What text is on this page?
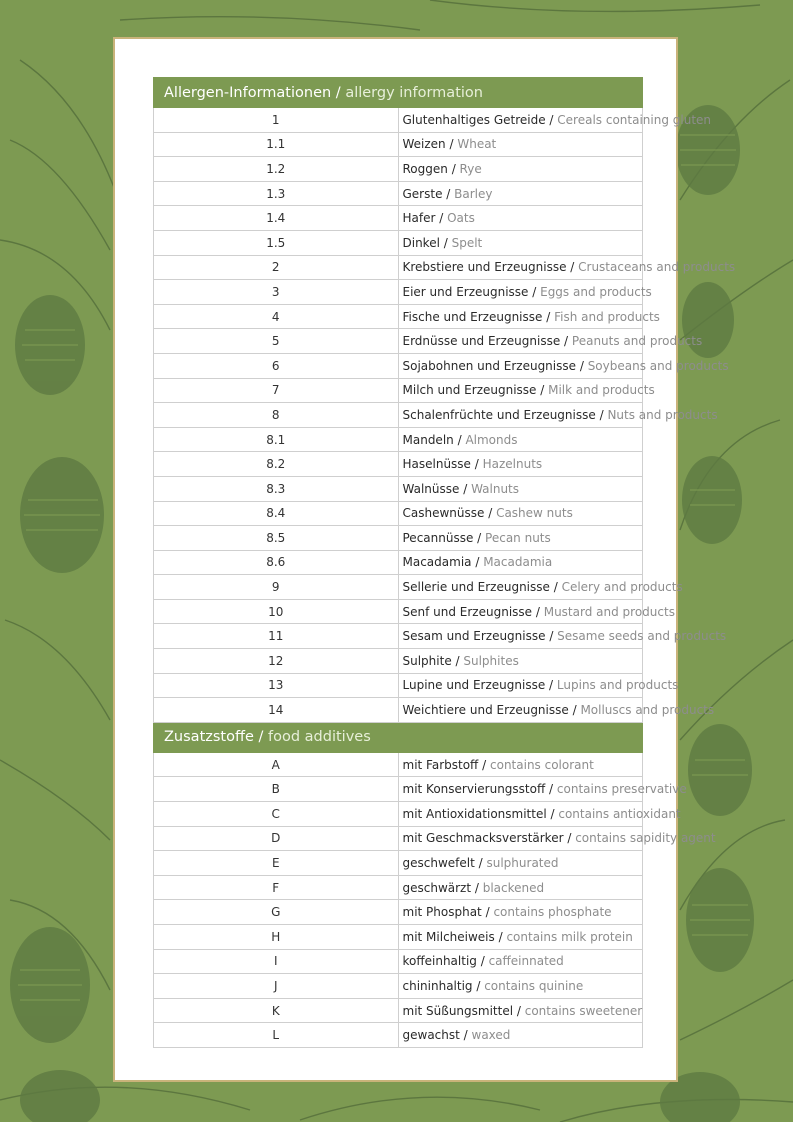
Allergen-Informationen / allergy information	
1	Glutenhaltiges Getreide / Cereals containing gluten
1.1	Weizen / Wheat
1.2	Roggen / Rye
1.3	Gerste / Barley
1.4	Hafer / Oats
1.5	Dinkel / Spelt
2	Krebstiere und Erzeugnisse / Crustaceans and products
3	Eier und Erzeugnisse / Eggs and products
4	Fische und Erzeugnisse / Fish and products
5	Erdnüsse und Erzeugnisse / Peanuts and products
6	Sojabohnen und Erzeugnisse / Soybeans and products
7	Milch und Erzeugnisse / Milk and products
8	Schalenfrüchte und Erzeugnisse / Nuts and products
8.1	Mandeln / Almonds
8.2	Haselnüsse / Hazelnuts
8.3	Walnüsse / Walnuts
8.4	Cashewnüsse / Cashew nuts
8.5	Pecannüsse / Pecan nuts
8.6	Macadamia / Macadamia
9	Sellerie und Erzeugnisse / Celery and products
10	Senf und Erzeugnisse / Mustard and products
11	Sesam und Erzeugnisse / Sesame seeds and products
12	Sulphite / Sulphites
13	Lupine und Erzeugnisse / Lupins and products
14	Weichtiere und Erzeugnisse / Molluscs and products
Zusatzstoffe / food additives	
A	mit Farbstoff / contains colorant
B	mit Konservierungsstoff / contains preservative
C	mit Antioxidationsmittel / contains antioxidant
D	mit Geschmacksverstärker / contains sapidity agent
E	geschwefelt / sulphurated
F	geschwärzt / blackened
G	mit Phosphat / contains phosphate
H	mit Milcheiweis / contains milk protein
I	koffeinhaltig / caffeinnated
J	chininhaltig / contains quinine
K	mit Süßungsmittel / contains sweetener
L	gewachst / waxed
